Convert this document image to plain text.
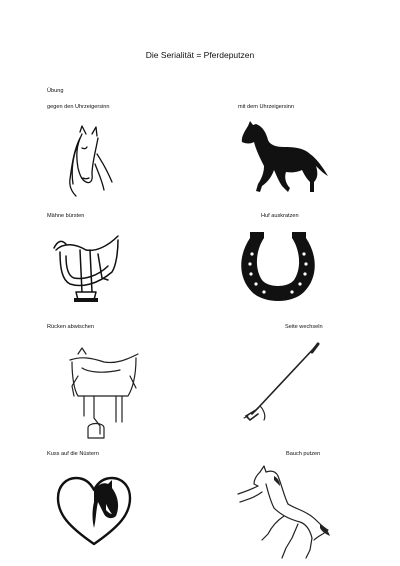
Die Serialität = Pferdeputzen
Übung
gegen den Uhrzeigersinn	mit dem Uhrzeigersinn
Mähne bürsten	Huf auskratzen
Rücken abwischen	Seite wechseln
Kuss auf die Nüstern	Bauch putzen
